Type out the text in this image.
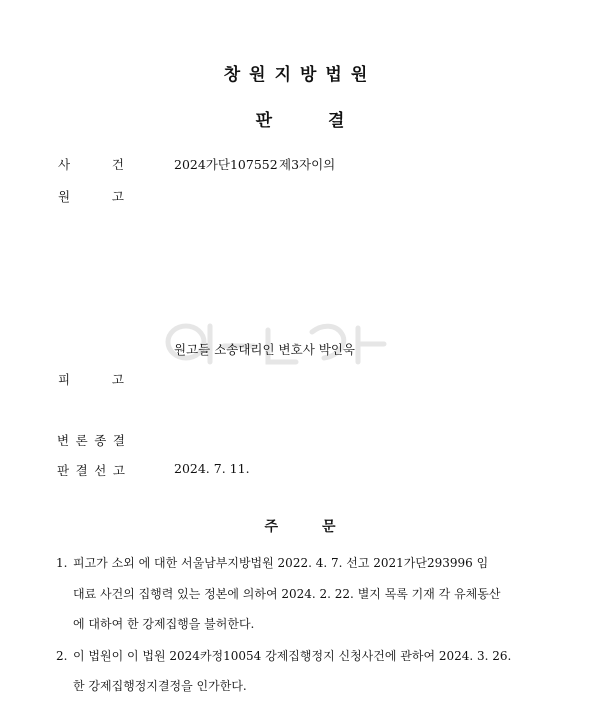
창원지방법원
판	결
사	건	2024가단107552 제3자이의
원	고
원고들 소송대리인 변호사 박인욱
피	고
변 론 종 결
판 결 선 고	2024. 7. 11.
주	문
1. 피고가 소외 에 대한 서울남부지방법원 2022. 4. 7. 선고 2021가단293996 임
대료 사건의 집행력 있는 정본에 의하여 2024. 2. 22. 별지 목록 기재 각 유체동산
에 대하여 한 강제집행을 불허한다.
2. 이 법원이 이 법원 2024카정10054 강제집행정지 신청사건에 관하여 2024. 3. 26.
한 강제집행정지결정을 인가한다.
